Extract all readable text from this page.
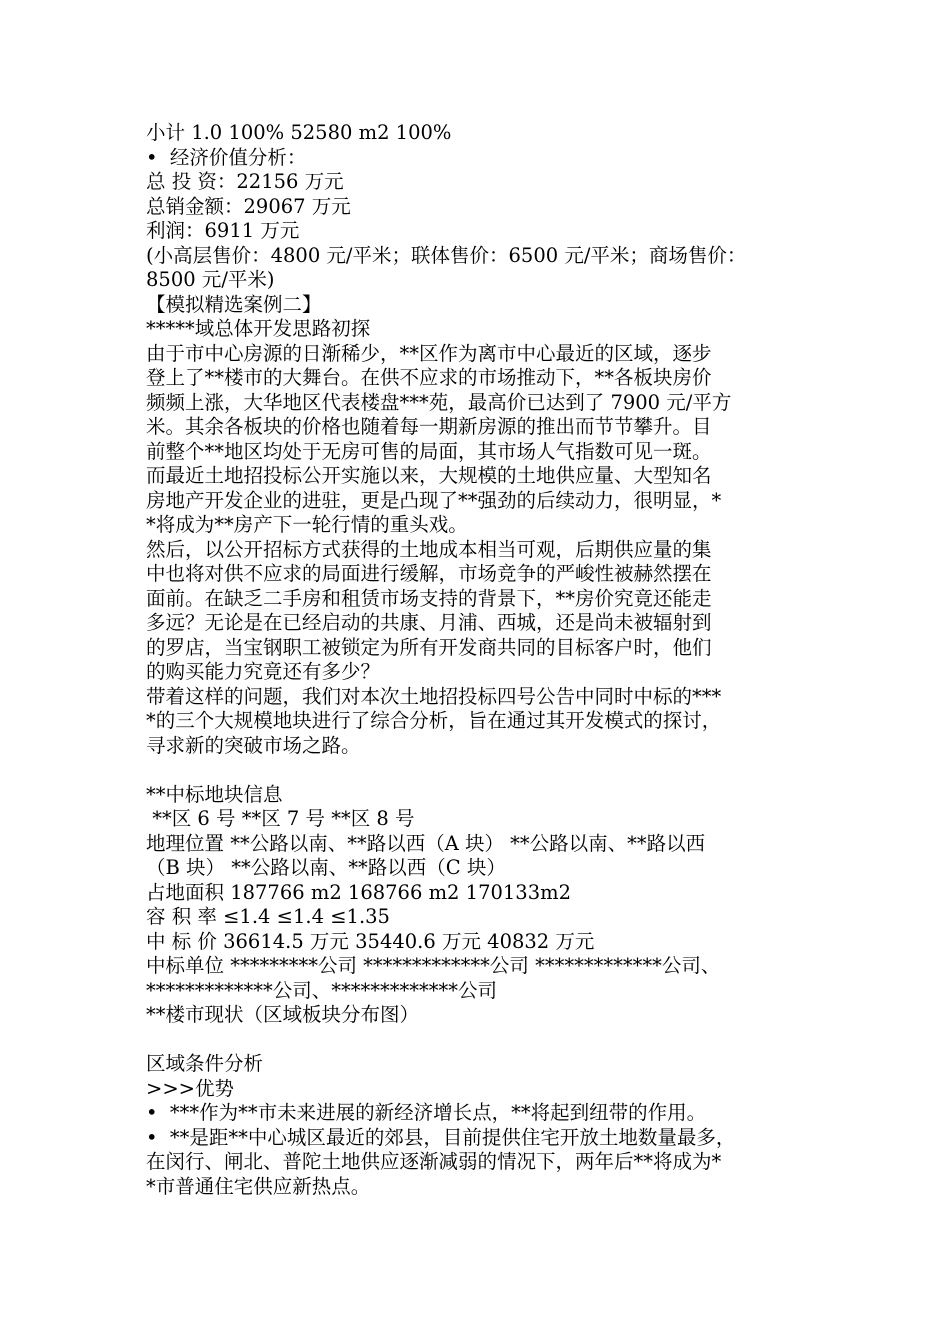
小计 1.0 100% 52580 m2 100%
•  经济价值分析：
总 投 资：22156 万元
总销金额：29067 万元
利润：6911 万元
(小高层售价：4800 元/平米；联体售价：6500 元/平米；商场售价：
8500 元/平米)
【模拟精选案例二】
*****域总体开发思路初探
由于市中心房源的日渐稀少，**区作为离市中心最近的区域，逐步
登上了**楼市的大舞台。在供不应求的市场推动下，**各板块房价
频频上涨，大华地区代表楼盘***苑，最高价已达到了 7900 元/平方
米。其余各板块的价格也随着每一期新房源的推出而节节攀升。目
前整个**地区均处于无房可售的局面，其市场人气指数可见一斑。
而最近土地招投标公开实施以来，大规模的土地供应量、大型知名
房地产开发企业的进驻，更是凸现了**强劲的后续动力，很明显，*
*将成为**房产下一轮行情的重头戏。
然后，以公开招标方式获得的土地成本相当可观，后期供应量的集
中也将对供不应求的局面进行缓解，市场竞争的严峻性被赫然摆在
面前。在缺乏二手房和租赁市场支持的背景下，**房价究竟还能走
多远？无论是在已经启动的共康、月浦、西城，还是尚未被辐射到
的罗店，当宝钢职工被锁定为所有开发商共同的目标客户时，他们
的购买能力究竟还有多少？
带着这样的问题，我们对本次土地招投标四号公告中同时中标的***
*的三个大规模地块进行了综合分析，旨在通过其开发模式的探讨，
寻求新的突破市场之路。
**中标地块信息
**区 6 号 **区 7 号 **区 8 号
地理位置 **公路以南、**路以西（A 块） **公路以南、**路以西
（B 块） **公路以南、**路以西（C 块）
占地面积 187766 m2 168766 m2 170133m2
容 积 率 ≤1.4 ≤1.4 ≤1.35
中 标 价 36614.5 万元 35440.6 万元 40832 万元
中标单位 *********公司 *************公司 *************公司、
*************公司、*************公司
**楼市现状（区域板块分布图）
区域条件分析
>>>优势
•  ***作为**市未来进展的新经济增长点，**将起到纽带的作用。
•  **是距**中心城区最近的郊县，目前提供住宅开放土地数量最多，
在闵行、闸北、普陀土地供应逐渐减弱的情况下，两年后**将成为*
*市普通住宅供应新热点。
